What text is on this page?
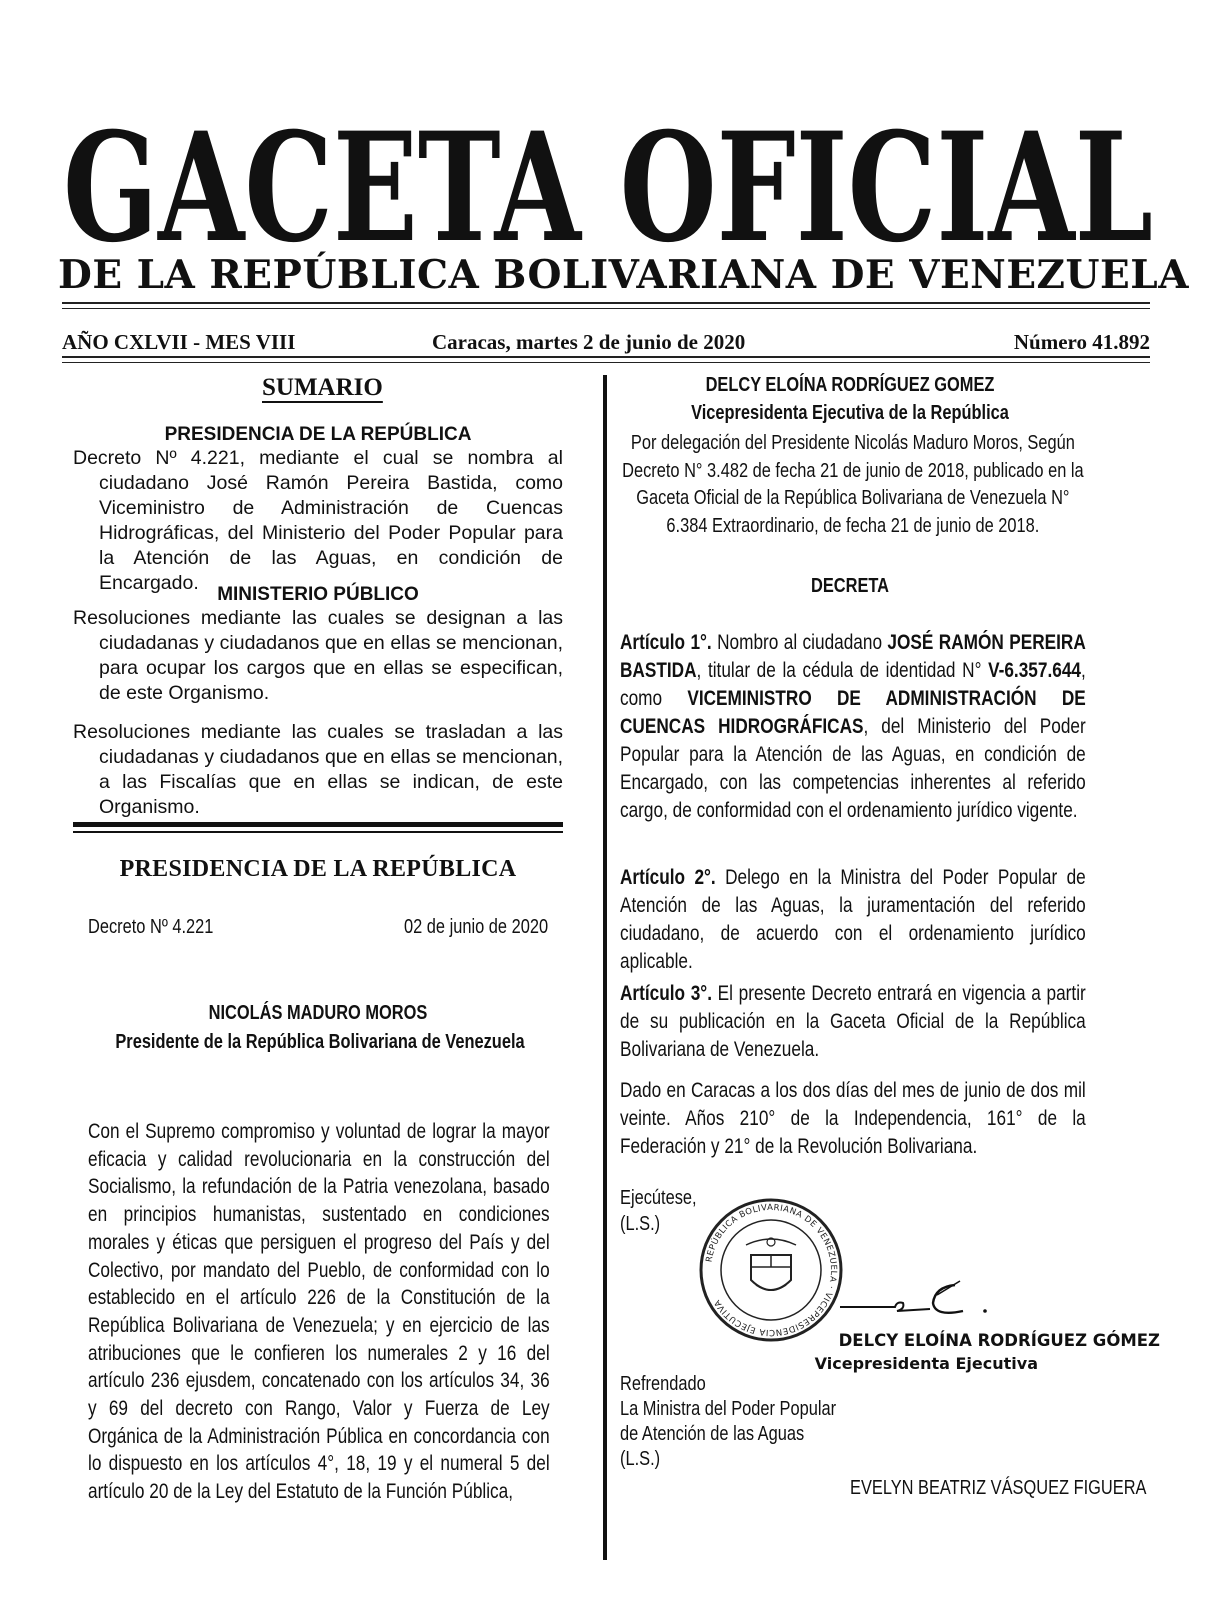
GACETA OFICIAL
DE LA REPÚBLICA BOLIVARIANA DE VENEZUELA
AÑO CXLVII - MES VIII	Caracas, martes 2 de junio de 2020	Número 41.892
SUMARIO
PRESIDENCIA DE LA REPÚBLICA
Decreto Nº 4.221, mediante el cual se nombra al ciudadano José Ramón Pereira Bastida, como Viceministro de Administración de Cuencas Hidrográficas, del Ministerio del Poder Popular para la Atención de las Aguas, en condición de Encargado.
MINISTERIO PÚBLICO
Resoluciones mediante las cuales se designan a las ciudadanas y ciudadanos que en ellas se mencionan, para ocupar los cargos que en ellas se especifican, de este Organismo.
Resoluciones mediante las cuales se trasladan a las ciudadanas y ciudadanos que en ellas se mencionan, a las Fiscalías que en ellas se indican, de este Organismo.
PRESIDENCIA DE LA REPÚBLICA
Decreto Nº 4.221	02 de junio de 2020
NICOLÁS MADURO MOROS
Presidente de la República Bolivariana de Venezuela
Con el Supremo compromiso y voluntad de lograr la mayor eficacia y calidad revolucionaria en la construcción del Socialismo, la refundación de la Patria venezolana, basado en principios humanistas, sustentado en condiciones morales y éticas que persiguen el progreso del País y del Colectivo, por mandato del Pueblo, de conformidad con lo establecido en el artículo 226 de la Constitución de la República Bolivariana de Venezuela; y en ejercicio de las atribuciones que le confieren los numerales 2 y 16 del artículo 236 ejusdem, concatenado con los artículos 34, 36 y 69 del decreto con Rango, Valor y Fuerza de Ley Orgánica de la Administración Pública en concordancia con lo dispuesto en los artículos 4°, 18, 19 y el numeral 5 del artículo 20 de la Ley del Estatuto de la Función Pública,
DELCY ELOÍNA RODRÍGUEZ GOMEZ
Vicepresidenta Ejecutiva de la República
Por delegación del Presidente Nicolás Maduro Moros, Según Decreto N° 3.482 de fecha 21 de junio de 2018, publicado en la Gaceta Oficial de la República Bolivariana de Venezuela N° 6.384 Extraordinario, de fecha 21 de junio de 2018.
DECRETA
Artículo 1°. Nombro al ciudadano JOSÉ RAMÓN PEREIRA BASTIDA, titular de la cédula de identidad N° V-6.357.644, como VICEMINISTRO DE ADMINISTRACIÓN DE CUENCAS HIDROGRÁFICAS, del Ministerio del Poder Popular para la Atención de las Aguas, en condición de Encargado, con las competencias inherentes al referido cargo, de conformidad con el ordenamiento jurídico vigente.
Artículo 2°. Delego en la Ministra del Poder Popular de Atención de las Aguas, la juramentación del referido ciudadano, de acuerdo con el ordenamiento jurídico aplicable.
Artículo 3°. El presente Decreto entrará en vigencia a partir de su publicación en la Gaceta Oficial de la República Bolivariana de Venezuela.
Dado en Caracas a los dos días del mes de junio de dos mil veinte. Años 210° de la Independencia, 161° de la Federación y 21° de la Revolución Bolivariana.
Ejecútese,
(L.S.)
REPÚBLICA BOLIVARIANA DE VENEZUELA · VICEPRESIDENCIA EJECUTIVA
DELCY ELOÍNA RODRÍGUEZ GÓMEZ
Vicepresidenta Ejecutiva
Refrendado
La Ministra del Poder Popular
de Atención de las Aguas
(L.S.)
EVELYN BEATRIZ VÁSQUEZ FIGUERA
